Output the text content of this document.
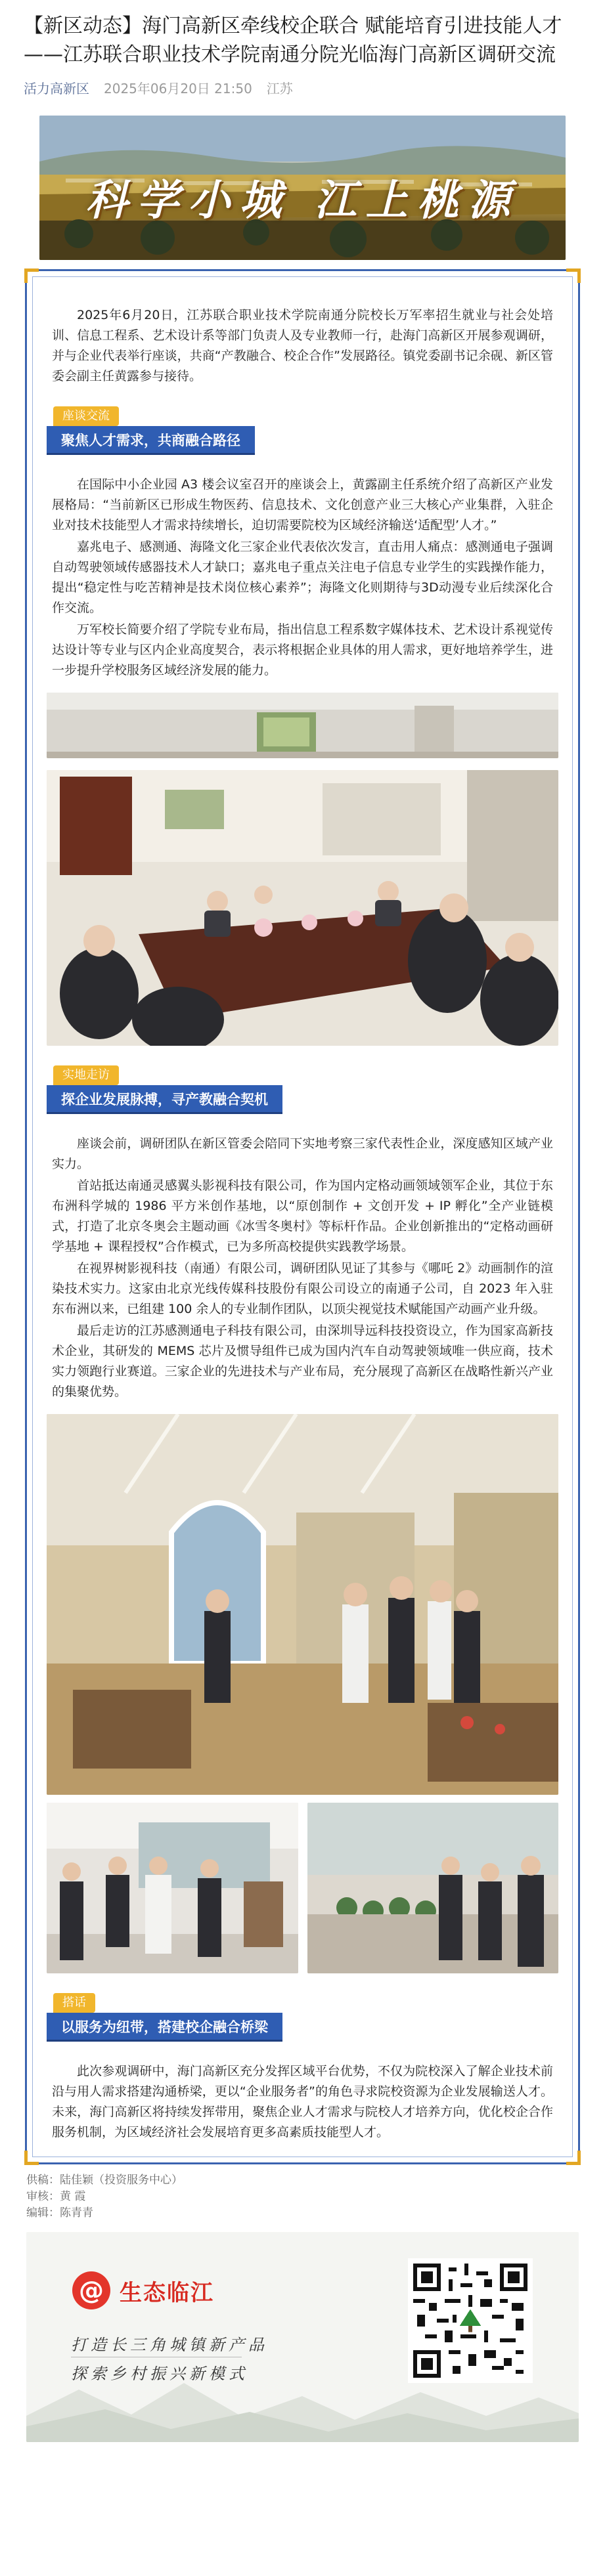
【新区动态】海门高新区牵线校企联合 赋能培育引进技能人才——江苏联合职业技术学院南通分院光临海门高新区调研交流
活力高新区 2025年06月20日 21:50 江苏
科学小城 江上桃源

2025年6月20日，江苏联合职业技术学院南通分院校长万军率招生就业与社会处培训、信息工程系、艺术设计系等部门负责人及专业教师一行，赴海门高新区开展参观调研，并与企业代表举行座谈，共商“产教融合、校企合作”发展路径。镇党委副书记余砚、新区管委会副主任黄露参与接待。

座谈交流
聚焦人才需求，共商融合路径

在国际中小企业园 A3 楼会议室召开的座谈会上，黄露副主任系统介绍了高新区产业发展格局：“当前新区已形成生物医药、信息技术、文化创意产业三大核心产业集群，入驻企业对技术技能型人才需求持续增长，迫切需要院校为区域经济输送‘适配型’人才。”

嘉兆电子、感测通、海隆文化三家企业代表依次发言，直击用人痛点：感测通电子强调自动驾驶领域传感器技术人才缺口；嘉兆电子重点关注电子信息专业学生的实践操作能力，提出“稳定性与吃苦精神是技术岗位核心素养”；海隆文化则期待与3D动漫专业后续深化合作交流。

万军校长简要介绍了学院专业布局，指出信息工程系数字媒体技术、艺术设计系视觉传达设计等专业与区内企业高度契合，表示将根据企业具体的用人需求，更好地培养学生，进一步提升学校服务区域经济发展的能力。

实地走访
探企业发展脉搏，寻产教融合契机

座谈会前，调研团队在新区管委会陪同下实地考察三家代表性企业，深度感知区域产业实力。

首站抵达南通灵感翼头影视科技有限公司，作为国内定格动画领域领军企业，其位于东布洲科学城的 1986 平方米创作基地，以“原创制作 + 文创开发 + IP 孵化”全产业链模式，打造了北京冬奥会主题动画《冰雪冬奥村》等标杆作品。企业创新推出的“定格动画研学基地 + 课程授权”合作模式，已为多所高校提供实践教学场景。

在视界树影视科技（南通）有限公司，调研团队见证了其参与《哪吒 2》动画制作的渲染技术实力。这家由北京光线传媒科技股份有限公司设立的南通子公司，自 2023 年入驻东布洲以来，已组建 100 余人的专业制作团队，以顶尖视觉技术赋能国产动画产业升级。

最后走访的江苏感测通电子科技有限公司，由深圳导远科技投资设立，作为国家高新技术企业，其研发的 MEMS 芯片及惯导组件已成为国内汽车自动驾驶领域唯一供应商，技术实力领跑行业赛道。三家企业的先进技术与产业布局，充分展现了高新区在战略性新兴产业的集聚优势。

搭话
以服务为纽带，搭建校企融合桥梁

此次参观调研中，海门高新区充分发挥区域平台优势，不仅为院校深入了解企业技术前沿与用人需求搭建沟通桥梁，更以“企业服务者”的角色寻求院校资源为企业发展输送人才。未来，海门高新区将持续发挥带用，聚焦企业人才需求与院校人才培养方向，优化校企合作服务机制，为区域经济社会发展培育更多高素质技能型人才。

供稿：陆佳颖（投资服务中心）
审核：黄 霞
编辑：陈青青
@ 生态临江
打造长三角城镇新产品
探索乡村振兴新模式
